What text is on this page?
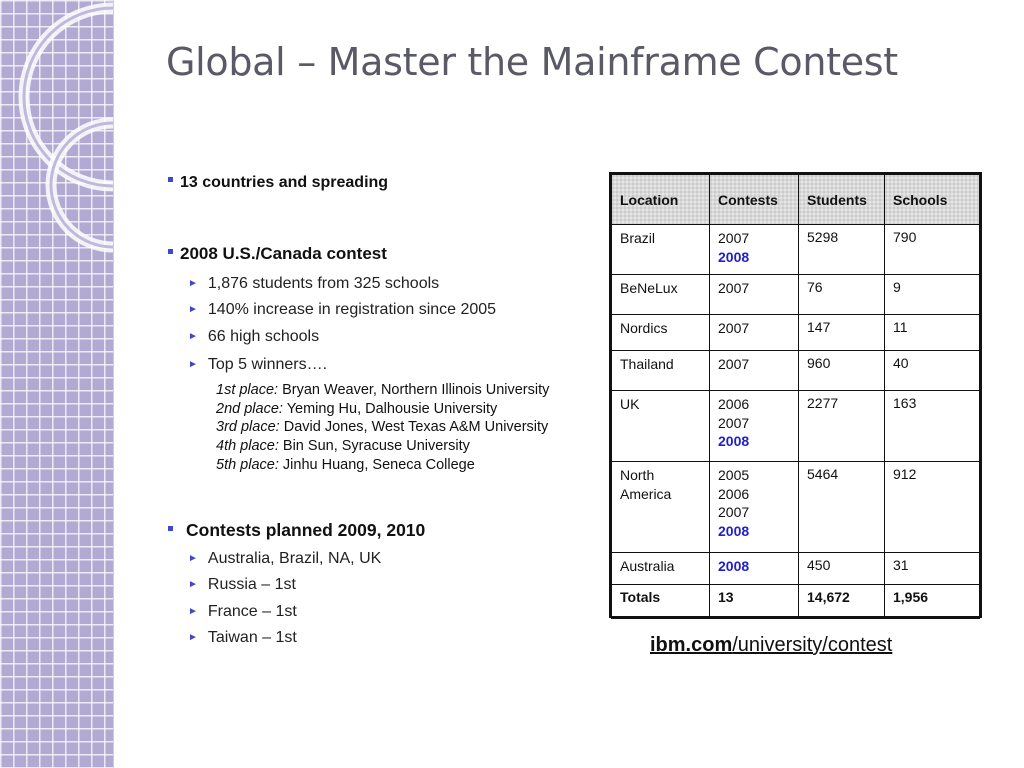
Global – Master the Mainframe Contest
13 countries and spreading
2008 U.S./Canada contest
► 1,876 students from 325 schools
► 140% increase in registration since 2005
► 66 high schools
► Top 5 winners….
1st place: Bryan Weaver, Northern Illinois University
2nd place: Yeming Hu, Dalhousie University
3rd place: David Jones, West Texas A&M University
4th place: Bin Sun, Syracuse University
5th place: Jinhu Huang, Seneca College
Contests planned 2009, 2010
► Australia, Brazil, NA, UK
► Russia – 1st
► France – 1st
► Taiwan – 1st
Location	Contests	Students	Schools

Brazil	2007
2008	5298	790

BeNeLux	2007	76	9

Nordics	2007	147	11

Thailand	2007	960	40

UK	2006
2007
2008	2277	163

North
America	2005
2006
2007
2008	5464	912

Australia	2008	450	31
Totals	13	14,672	1,956
ibm.com/university/contest
